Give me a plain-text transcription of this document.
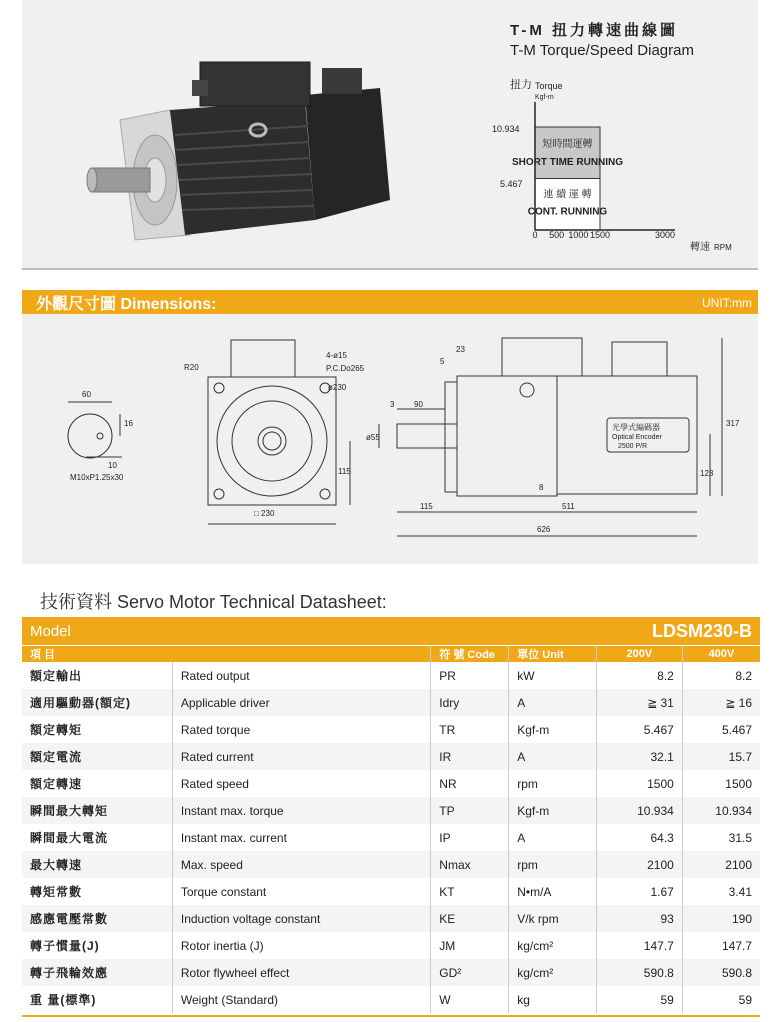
T-M 扭力轉速曲線圖
T-M Torque/Speed Diagram
扭力 Torque
Kgf-m
短時間運轉
SHORT TIME RUNNING
連 續 運 轉
CONT. RUNNING
10.934
5.467
0 500 1000 1500	3000
轉速 RPM
外觀尺寸圖 Dimensions:	UNIT:mm
60
16
10
M10xP1.25x30
R20
4-ø15
P.C.Do265
ø230
115
□ 230
23
5
3 90
ø55
8
115	511
626
317
123
光學式編碼器
Optical Encoder
2500 P/R
技術資料 Servo Motor Technical Datasheet:
Model		LDSM230-B			
項 目		符 號 Code	單位 Unit	200V	400V
額定輸出	Rated output	PR	kW	8.2	8.2
適用驅動器(額定)	Applicable driver	Idry	A	≧ 31	≧ 16
額定轉矩	Rated torque	TR	Kgf-m	5.467	5.467
額定電流	Rated current	IR	A	32.1	15.7
額定轉速	Rated speed	NR	rpm	1500	1500
瞬間最大轉矩	Instant max. torque	TP	Kgf-m	10.934	10.934
瞬間最大電流	Instant max. current	IP	A	64.3	31.5
最大轉速	Max. speed	Nmax	rpm	2100	2100
轉矩常數	Torque constant	KT	N•m/A	1.67	3.41
感應電壓常數	Induction voltage constant	KE	V/k rpm	93	190
轉子慣量(J)	Rotor inertia (J)	JM	kg/cm²	147.7	147.7
轉子飛輪效應	Rotor flywheel effect	GD²	kg/cm²	590.8	590.8
重 量(標準)	Weight (Standard)	W	kg	59	59
